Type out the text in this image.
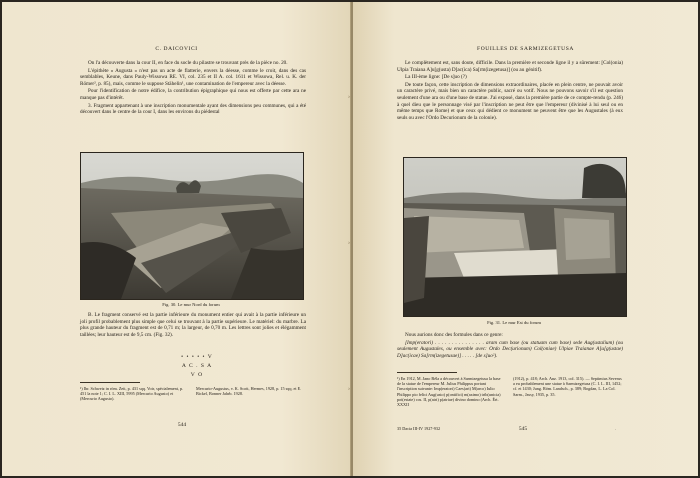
C. DAICOVICI

On l'a découverte dans la cour II, en face du socle du pilastre se trouvant près de la pièce no. 20.

L'épithète « Augusta » n'est pas un acte de flatterie, envers la déesse, comme le croit, dans des cas semblables, Keune, dans Pauly-Wissowa RE. VI, col. 235 et II A. col. 1611 et Wissowa, Rel. u. K. der Römer², p. 85), mais, comme le suppose Stähelin¹, une contamination de l'empereur avec la déesse.

Pour l'identification de notre édifice, la contribution épigraphique qui nous est offerte par cette ara ne manque pas d'intérêt.

3. Fragment appartenant à une inscription monumentale ayant des dimensions peu communes, qui a été découvert dans le centre de la cour I, dans les environs du piédestal

Fig. 30. Le mur Nord du forum

B. Le fragment conservé est la partie inférieure du monument entier qui avait à la partie inférieure un joli profil probablement plus simple que celui se trouvant à la partie supérieure. Le matériel: du marbre. La plus grande hauteur du fragment est de 0,71 m; la largeur, de 0,70 m. Les lettres sont jolies et élégamment taillées; leur hauteur est de 9,5 cm. (Fig. 32).

• • • • • V
A C . S A
V O
¹) Ibr. Schweiz in röm. Zeit, p. 431 sqq. Voir, spécialement, p. 451 la note 1; C. I. L. XIII, 5995 (Mercurio Augusto) et (Mercurio Augusto).
Mercurio-Augustus, v. K. Scott, Hermes, 1928, p. 15 sqq. et E. Bickel, Bonner Jahrb. 1928.
544
›
›
›
FOUILLES DE SARMIZEGETUSA

Le complètement est, sans doute, difficile. Dans la première et seconde ligne il y a sûrement: [Col(onia) Ulpia Traiana A]u[g(usta) D]ac(ica) Sa[rm(izegetusa)] (ou au génitif).

La III-ème ligne: [De s]uo (?)

De toute façon, cette inscription de dimensions extraordinaires, placée en plein centre, ne pouvait avoir un caractère privé, mais bien un caractère public, sacré ou votif. Nous ne pouvons savoir s'il est question seulement d'une ara ou d'une base de statue. J'ai exposé, dans la première partie de ce compte-rendu (p. 246) à quel dieu que le personnage visé par l'inscription ne peut être que l'empereur (divinisé à lui seul ou en même temps que Rome) et que ceux qui dédient ce monument ne peuvent être que les Augustales (à eux seuls ou avec l'Ordo Decurionum de la colonie).

Fig. 31. Le mur Est du forum

Nous aurions donc des formules dans ce genre:

[Imp(eratori) . . . . . . . . . . . . . . . aram cum base (ou statuam cum base) sede Aug(ustalium) (ou seulement Augustales, ou ensemble avec: Ordo Dec(urionum) Col(oniae) Ulpiae Traianae A]u[g(ustae) D]ac(icae) Sa[rm(izegetusae)] . . . . . [de s]uo²).

¹) En 1912, M. Jano Béla a découvert à Sarmizegetusa la base de la statue de l'empereur M. Julius Philippus portant l'inscription suivante: Imp(eratori) Caes(ari) M(arco) Iulio Philippo pio felici Aug(usto) p(ontifici) m(aximo) trib(unicia) pot(estate) cos. II, p(atri) p(atriae) divino domino (Arch. Ért. XXXII
(1912), p. 418; Arch. Anz. 1913, col. 315). — Septimius Severus a eu probablement une statue à Sarmizegetusa (C. I. L. III, 1452; cf. et 1430; Jung. Röm. Landsch., p. 389; Bogdan, L. La Col. Sarm., Jassy, 1935, p. 35.
35 Dacia III-IV 1927-932	545	.
